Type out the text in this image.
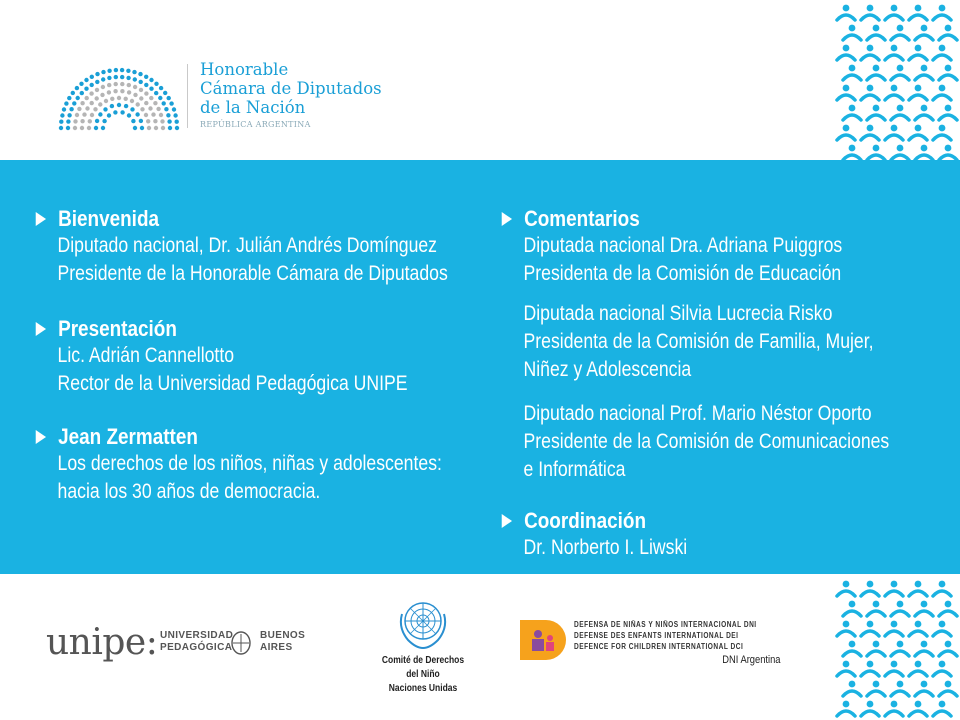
Honorable
Cámara de Diputados
de la Nación
REPÚBLICA ARGENTINA
Bienvenida
Diputado nacional, Dr. Julián Andrés Domínguez
Presidente de la Honorable Cámara de Diputados
Presentación
Lic. Adrián Cannellotto
Rector de la Universidad Pedagógica UNIPE
Jean Zermatten
Los derechos de los niños, niñas y adolescentes:
hacia los 30 años de democracia.
Comentarios
Diputada nacional Dra. Adriana Puiggros
Presidenta de la Comisión de Educación
Diputada nacional Silvia Lucrecia Risko
Presidenta de la Comisión de Familia, Mujer,
Niñez y Adolescencia
Diputado nacional Prof. Mario Néstor Oporto
Presidente de la Comisión de Comunicaciones
e Informática
Coordinación
Dr. Norberto I. Liwski
unipe: UNIVERSIDAD
PEDAGÓGICA
BUENOS
AIRES
Comité de Derechos
del Niño
Naciones Unidas
DEFENSA DE NIÑAS Y NIÑOS INTERNACIONAL DNI
DEFENSE DES ENFANTS INTERNATIONAL DEI
DEFENCE FOR CHILDREN INTERNATIONAL DCI
DNI Argentina
